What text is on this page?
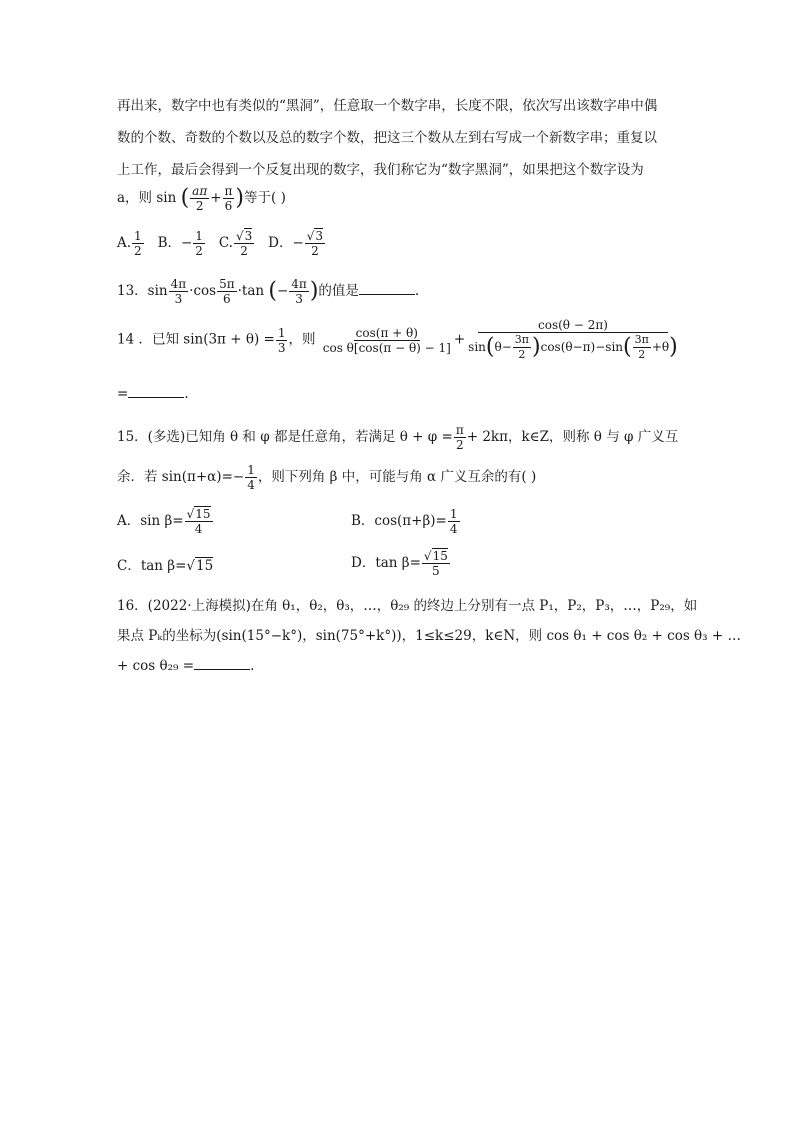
再出来，数字中也有类似的“黑洞”，任意取一个数字串，长度不限，依次写出该数字串中偶
数的个数、奇数的个数以及总的数字个数，把这三个数从左到右写成一个新数字串；重复以
上工作，最后会得到一个反复出现的数字，我们称它为“数字黑洞”，如果把这个数字设为
a，则 sin ( $\frac{a\pi}{2} + \frac{\pi}{6}$ )等于( )
A. $\frac{1}{2}$ B．− $\frac{1}{2} C$. $\frac{√3}{2}$ D．− $\frac{√3}{2}$
13．$\sin \frac{4\pi}{3} \cdot\cos \frac{5\pi}{6} \cdot\tan$ (− $\frac{4\pi}{3}$ )的值是	.
14 ．已知 $\sin(3\pi + \theta) = \frac{1}{3}$ ，则 $\frac{\cos(\pi + \theta)}{\text{cos θ[cos(π − θ) − 1]}} + \frac{\cos(\theta - 2\pi)}{\sin(\theta- \frac{3\pi}{2} )\cos(\theta-\pi)-\sin( \frac{3\pi}{2} +\theta)}$
=	.
15．(多选)已知角 θ 和 φ 都是任意角，若满足 $\theta + \varphi = \frac{\pi}{2} + 2k\pi$，k∈Z，则称 θ 与 φ 广义互
余．若 $\sin(\pi+\alpha)=- \frac{1}{4}$ ，则下列角 β 中，可能与角 α 广义互余的有( )
A．$\sin \beta= \frac{√15}{4}$	B．$\cos(\pi+\beta)= \frac{1}{4}$
C．tan β=√15	D．$\tan \beta= \frac{√15}{5}$
16．(2022·上海模拟)在角 θ₁，θ₂，θ₃，…，θ₂₉ 的终边上分别有一点 P₁，P₂，P₃，…，P₂₉，如
果点 Pₖ的坐标为(sin(15°−k°)，sin(75°+k°))，1≤k≤29，k∈N，则 cos θ₁ + cos θ₂ + cos θ₃ + …
+ cos θ₂₉ =	.
